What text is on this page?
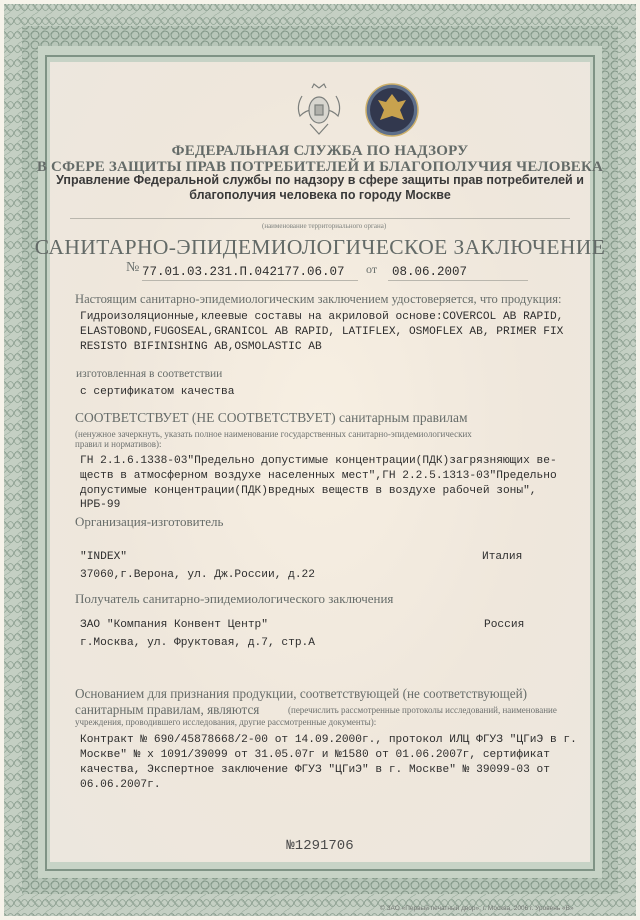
ФЕДЕРАЛЬНАЯ СЛУЖБА ПО НАДЗОРУ
В СФЕРЕ ЗАЩИТЫ ПРАВ ПОТРЕБИТЕЛЕЙ И БЛАГОПОЛУЧИЯ ЧЕЛОВЕКА
Управление Федеральной службы по надзору в сфере защиты прав потребителей и
благополучия человека по городу Москве
(наименование территориального органа)
САНИТАРНО-ЭПИДЕМИОЛОГИЧЕСКОЕ ЗАКЛЮЧЕНИЕ
№ 77.01.03.231.П.042177.06.07 от 08.06.2007
Настоящим санитарно-эпидемиологическим заключением удостоверяется, что продукция:
Гидроизоляционные,клеевые составы на акриловой основе:COVERCOL AB RAPID,
ELASTOBOND,FUGOSEAL,GRANICOL AB RAPID, LATIFLEX, OSMOFLEX AB, PRIMER FIX
RESISTO BIFINISHING AB,OSMOLASTIC AB
изготовленная в соответствии
с сертификатом качества
СООТВЕТСТВУЕТ (НЕ СООТВЕТСТВУЕТ) санитарным правилам
(ненужное зачеркнуть, указать полное наименование государственных санитарно-эпидемиологических
правил и нормативов):
ГН 2.1.6.1338-03"Предельно допустимые концентрации(ПДК)загрязняющих ве-
ществ в атмосферном воздухе населенных мест",ГН 2.2.5.1313-03"Предельно
допустимые концентрации(ПДК)вредных веществ в воздухе рабочей зоны",
НРБ-99
Организация-изготовитель
"INDEX"	Италия
37060,г.Верона, ул. Дж.России, д.22
Получатель санитарно-эпидемиологического заключения
ЗАО "Компания Конвент Центр"	Россия
г.Москва, ул. Фруктовая, д.7, стр.А
Основанием для признания продукции, соответствующей (не соответствующей)
санитарным правилам, являются	(перечислить рассмотренные протоколы исследований, наименование
учреждения, проводившего исследования, другие рассмотренные документы):
Контракт № 690/45878668/2-00 от 14.09.2000г., протокол ИЛЦ ФГУЗ "ЦГиЭ в г.
Москве" № х 1091/39099 от 31.05.07г и №1580 от 01.06.2007г, сертификат
качества, Экспертное заключение ФГУЗ "ЦГиЭ" в г. Москве" № 39099-03 от
06.06.2007г.
№1291706
© ЗАО «Первый печатный двор», г. Москва, 2006 г. Уровень «В»
